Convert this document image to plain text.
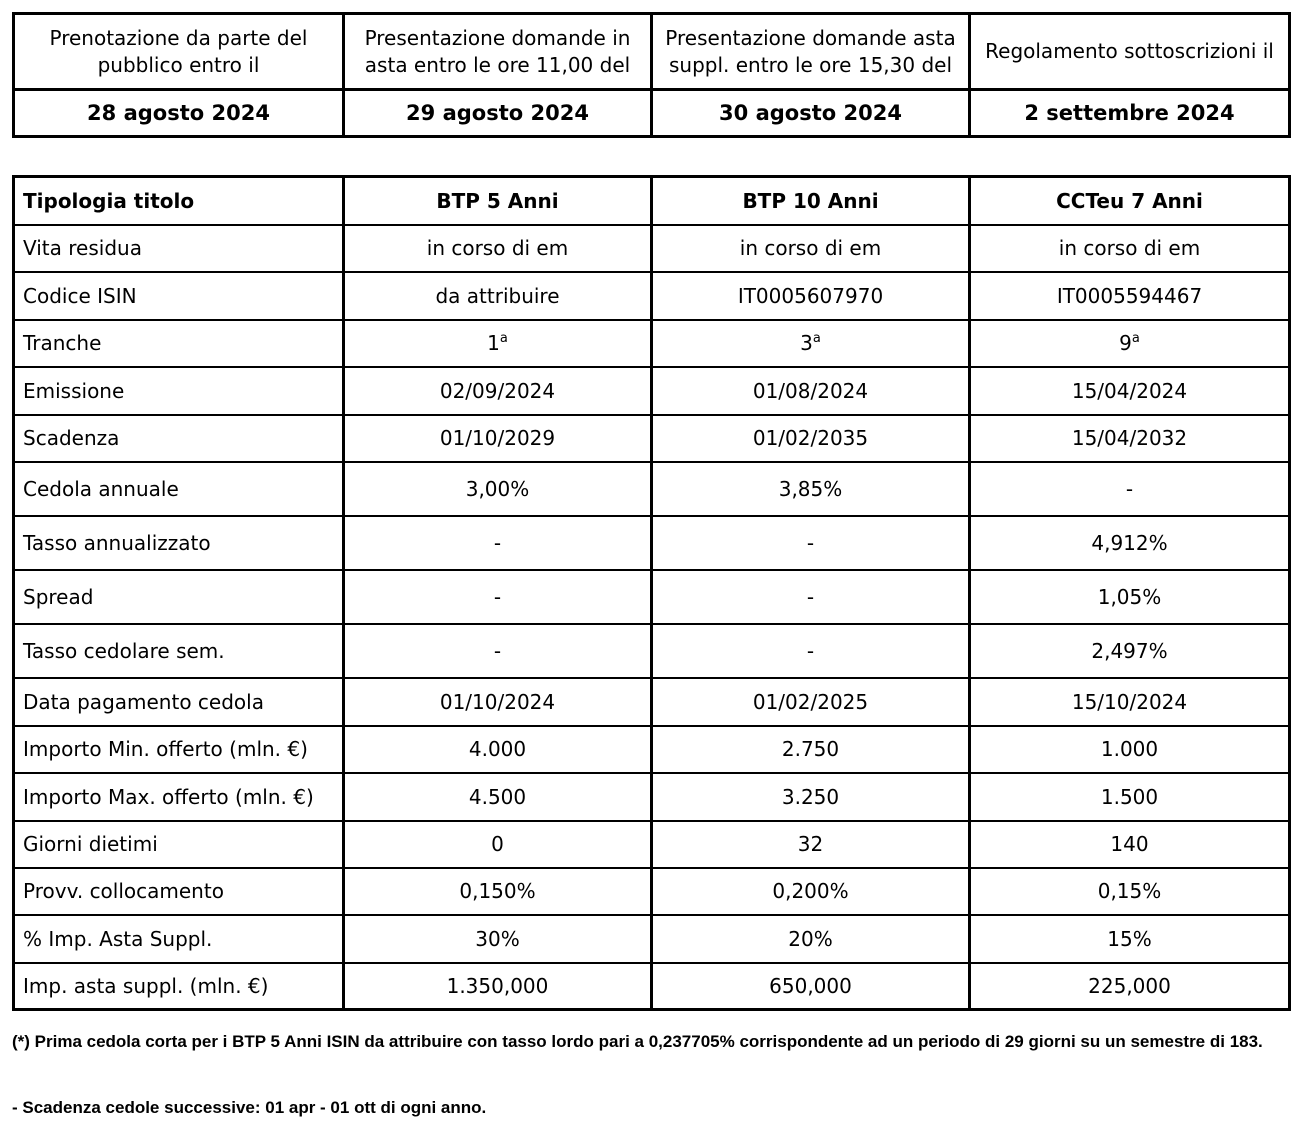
Prenotazione da parte del pubblico entro il	Presentazione domande in asta entro le ore 11,00 del	Presentazione domande asta suppl. entro le ore 15,30 del	Regolamento sottoscrizioni il
28 agosto 2024	29 agosto 2024	30 agosto 2024	2 settembre 2024
Tipologia titolo	BTP 5 Anni	BTP 10 Anni	CCTeu 7 Anni
Vita residua	in corso di em	in corso di em	in corso di em
Codice ISIN	da attribuire	IT0005607970	IT0005594467
Tranche	1$^a$	3$^a$	9$^a$
Emissione	02/09/2024	01/08/2024	15/04/2024
Scadenza	01/10/2029	01/02/2035	15/04/2032
Cedola annuale	3,00%	3,85%	-
Tasso annualizzato	-	-	4,912%
Spread	-	-	1,05%
Tasso cedolare sem.	-	-	2,497%
Data pagamento cedola	01/10/2024	01/02/2025	15/10/2024
Importo Min. offerto (mln. €)	4.000	2.750	1.000
Importo Max. offerto (mln. €)	4.500	3.250	1.500
Giorni dietimi	0	32	140
Provv. collocamento	0,150%	0,200%	0,15%
% Imp. Asta Suppl.	30%	20%	15%
Imp. asta suppl. (mln. €)	1.350,000	650,000	225,000
(*) Prima cedola corta per i BTP 5 Anni ISIN da attribuire con tasso lordo pari a 0,237705% corrispondente ad un periodo di 29 giorni su un semestre di 183.
- Scadenza cedole successive: 01 apr - 01 ott di ogni anno.
